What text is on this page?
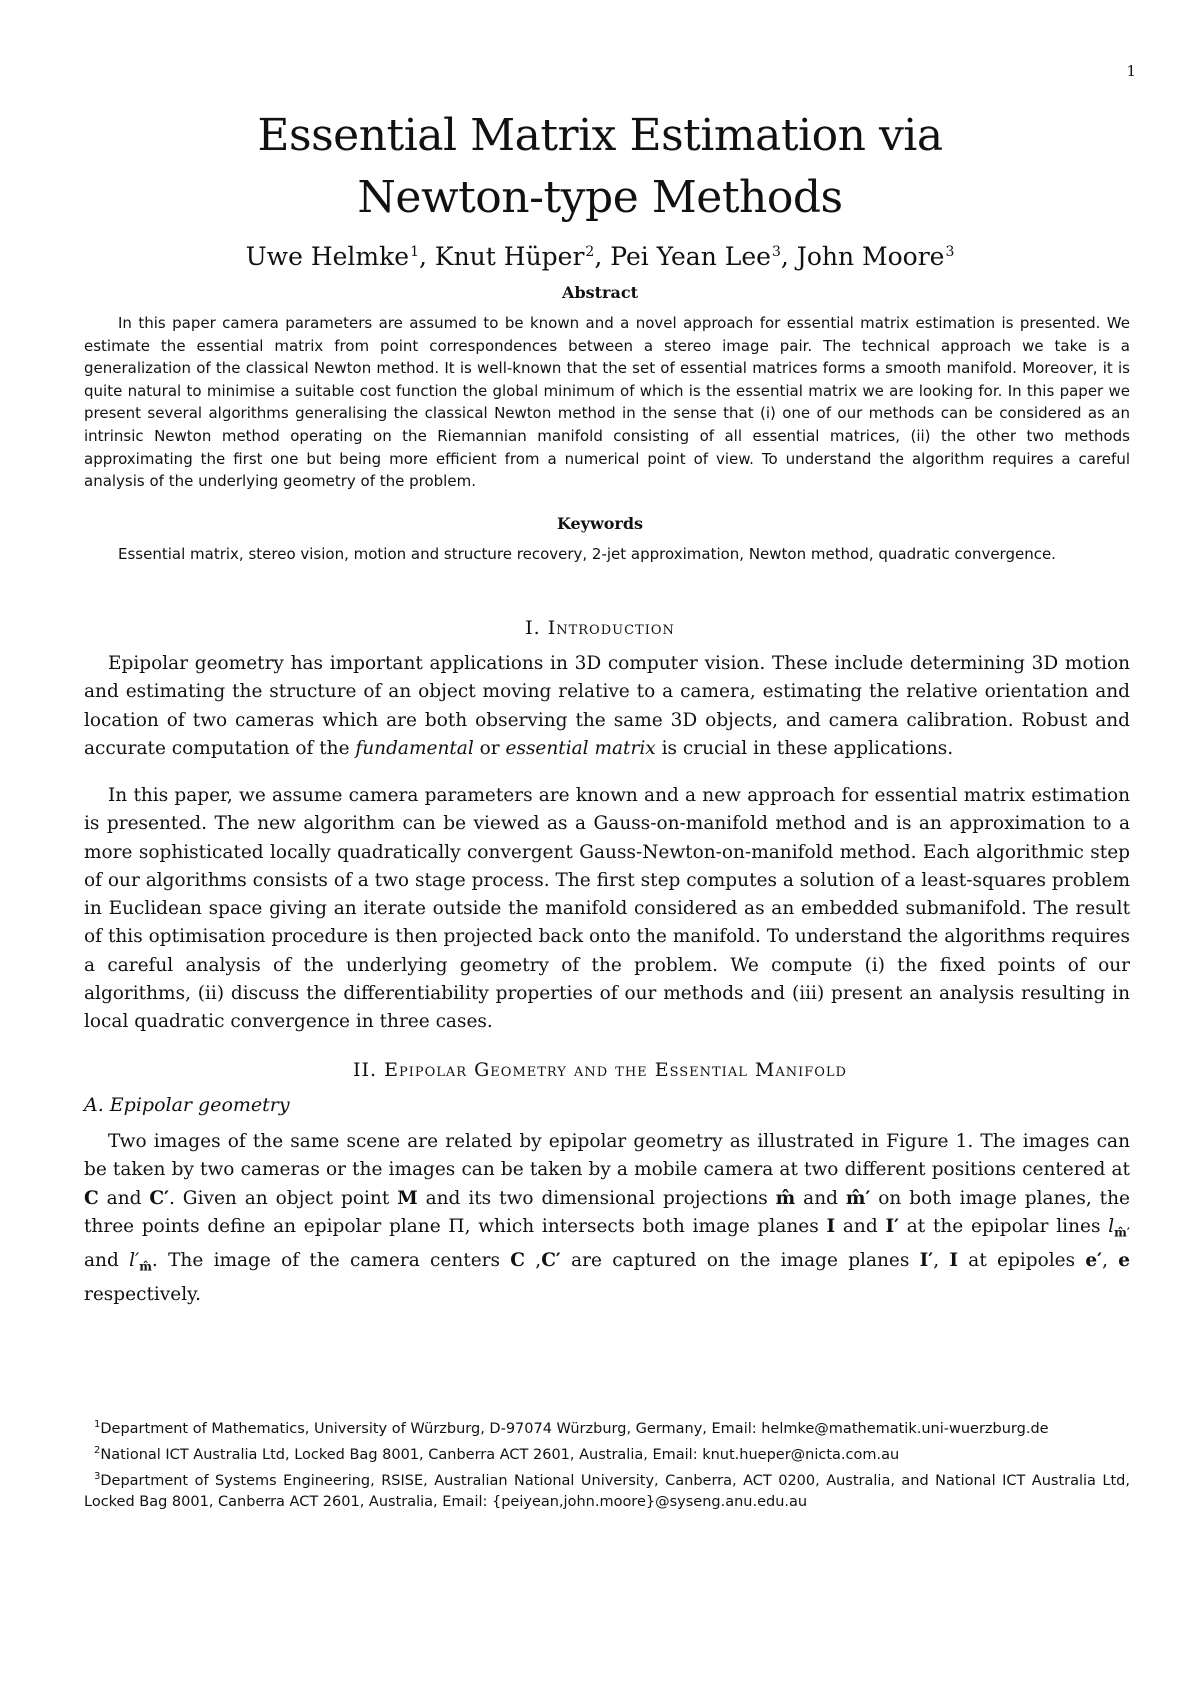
1
Essential Matrix Estimation via
Newton-type Methods
Uwe Helmke$^1$, Knut Hüper$^2$, Pei Yean Lee$^3$, John Moore$^3$
Abstract

In this paper camera parameters are assumed to be known and a novel approach for essential matrix estimation is presented. We estimate the essential matrix from point correspondences between a stereo image pair. The technical approach we take is a generalization of the classical Newton method. It is well-known that the set of essential matrices forms a smooth manifold. Moreover, it is quite natural to minimise a suitable cost function the global minimum of which is the essential matrix we are looking for. In this paper we present several algorithms generalising the classical Newton method in the sense that (i) one of our methods can be considered as an intrinsic Newton method operating on the Riemannian manifold consisting of all essential matrices, (ii) the other two methods approximating the first one but being more efficient from a numerical point of view. To understand the algorithm requires a careful analysis of the underlying geometry of the problem.

Keywords

Essential matrix, stereo vision, motion and structure recovery, 2-jet approximation, Newton method, quadratic convergence.

I. Introduction

Epipolar geometry has important applications in 3D computer vision. These include determining 3D motion and estimating the structure of an object moving relative to a camera, estimating the relative orientation and location of two cameras which are both observing the same 3D objects, and camera calibration. Robust and accurate computation of the fundamental or essential matrix is crucial in these applications.

In this paper, we assume camera parameters are known and a new approach for essential matrix estimation is presented. The new algorithm can be viewed as a Gauss-on-manifold method and is an approximation to a more sophisticated locally quadratically convergent Gauss-Newton-on-manifold method. Each algorithmic step of our algorithms consists of a two stage process. The first step computes a solution of a least-squares problem in Euclidean space giving an iterate outside the manifold considered as an embedded submanifold. The result of this optimisation procedure is then projected back onto the manifold. To understand the algorithms requires a careful analysis of the underlying geometry of the problem. We compute (i) the fixed points of our algorithms, (ii) discuss the differentiability properties of our methods and (iii) present an analysis resulting in local quadratic convergence in three cases.

II. Epipolar Geometry and the Essential Manifold
A. Epipolar geometry

Two images of the same scene are related by epipolar geometry as illustrated in Figure 1. The images can be taken by two cameras or the images can be taken by a mobile camera at two different positions centered at C and C′. Given an object point M and its two dimensional projections m̂ and m̂′ on both image planes, the three points define an epipolar plane Π, which intersects both image planes I and I′ at the epipolar lines $l_{m̂'}$ and $l'_{m̂}$. The image of the camera centers C ,C′ are captured on the image planes I′, I at epipoles e′, e respectively.

$^1$Department of Mathematics, University of Würzburg, D-97074 Würzburg, Germany, Email: helmke@mathematik.uni-wuerzburg.de

$^2$National ICT Australia Ltd, Locked Bag 8001, Canberra ACT 2601, Australia, Email: knut.hueper@nicta.com.au

$^3$Department of Systems Engineering, RSISE, Australian National University, Canberra, ACT 0200, Australia, and National ICT Australia Ltd, Locked Bag 8001, Canberra ACT 2601, Australia, Email: {peiyean,john.moore}@syseng.anu.edu.au
